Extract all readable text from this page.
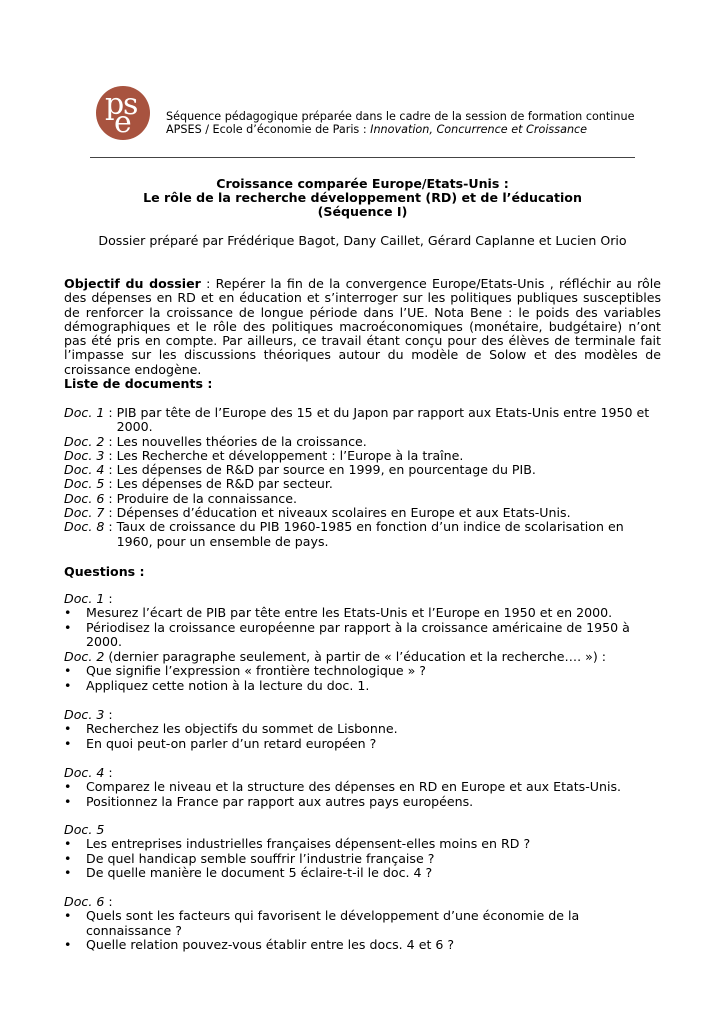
p
s
e	Séquence pédagogique préparée dans le cadre de la session de formation continue
APSES / Ecole d’économie de Paris : Innovation, Concurrence et Croissance
Croissance comparée Europe/Etats-Unis :
Le rôle de la recherche développement (RD) et de l’éducation
(Séquence I)
Dossier préparé par Frédérique Bagot, Dany Caillet, Gérard Caplanne et Lucien Orio
Objectif du dossier : Repérer la fin de la convergence Europe/Etats-Unis , réfléchir au rôle des dépenses en RD et en éducation et s’interroger sur les politiques publiques susceptibles de renforcer la croissance de longue période dans l’UE. Nota Bene : le poids des variables démographiques et le rôle des politiques macroéconomiques (monétaire, budgétaire) n’ont pas été pris en compte. Par ailleurs, ce travail étant conçu pour des élèves de terminale fait l’impasse sur les discussions théoriques autour du modèle de Solow et des modèles de croissance endogène.
Liste de documents :
Doc. 1 : PIB par tête de l’Europe des 15 et du Japon par rapport aux Etats-Unis entre 1950 et 2000.
Doc. 2 : Les nouvelles théories de la croissance.
Doc. 3 : Les Recherche et développement : l’Europe à la traîne.
Doc. 4 : Les dépenses de R&D par source en 1999, en pourcentage du PIB.
Doc. 5 : Les dépenses de R&D par secteur.
Doc. 6 : Produire de la connaissance.
Doc. 7 : Dépenses d’éducation et niveaux scolaires en Europe et aux Etats-Unis.
Doc. 8 : Taux de croissance du PIB 1960-1985 en fonction d’un indice de scolarisation en 1960, pour un ensemble de pays.
Questions :
Doc. 1 :
•	Mesurez l’écart de PIB par tête entre les Etats-Unis et l’Europe en 1950 et en 2000.
•	Périodisez la croissance européenne par rapport à la croissance américaine de 1950 à 2000.
Doc. 2 (dernier paragraphe seulement, à partir de « l’éducation et la recherche…. ») :
•	Que signifie l’expression « frontière technologique » ?
•	Appliquez cette notion à la lecture du doc. 1.
Doc. 3 :
•	Recherchez les objectifs du sommet de Lisbonne.
•	En quoi peut-on parler d’un retard européen ?
Doc. 4 :
•	Comparez le niveau et la structure des dépenses en RD en Europe et aux Etats-Unis.
•	Positionnez la France par rapport aux autres pays européens.
Doc. 5
•	Les entreprises industrielles françaises dépensent-elles moins en RD ?
•	De quel handicap semble souffrir l’industrie française ?
•	De quelle manière le document 5 éclaire-t-il le doc. 4 ?
Doc. 6 :
•	Quels sont les facteurs qui favorisent le développement d’une économie de la connaissance ?
•	Quelle relation pouvez-vous établir entre les docs. 4 et 6 ?
